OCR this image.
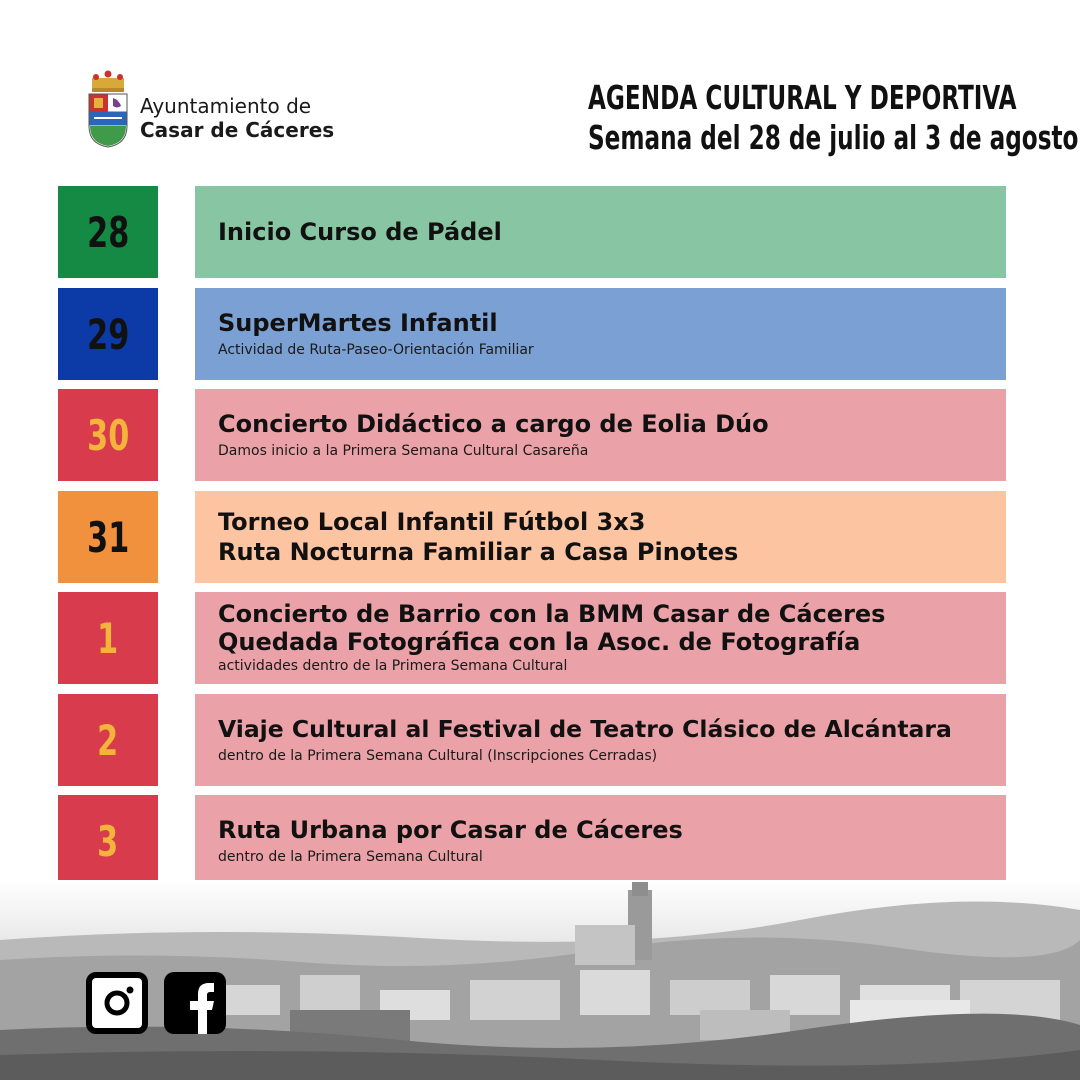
Ayuntamiento de
Casar de Cáceres
AGENDA CULTURAL Y DEPORTIVA
Semana del 28 de julio al 3 de agosto
28	Inicio Curso de Pádel
29	SuperMartes Infantil
Actividad de Ruta-Paseo-Orientación Familiar
30	Concierto Didáctico a cargo de Eolia Dúo
Damos inicio a la Primera Semana Cultural Casareña
31	Torneo Local Infantil Fútbol 3x3
Ruta Nocturna Familiar a Casa Pinotes
1	Concierto de Barrio con la BMM Casar de Cáceres
Quedada Fotográfica con la Asoc. de Fotografía
actividades dentro de la Primera Semana Cultural
2	Viaje Cultural al Festival de Teatro Clásico de Alcántara
dentro de la Primera Semana Cultural (Inscripciones Cerradas)
3	Ruta Urbana por Casar de Cáceres
dentro de la Primera Semana Cultural
